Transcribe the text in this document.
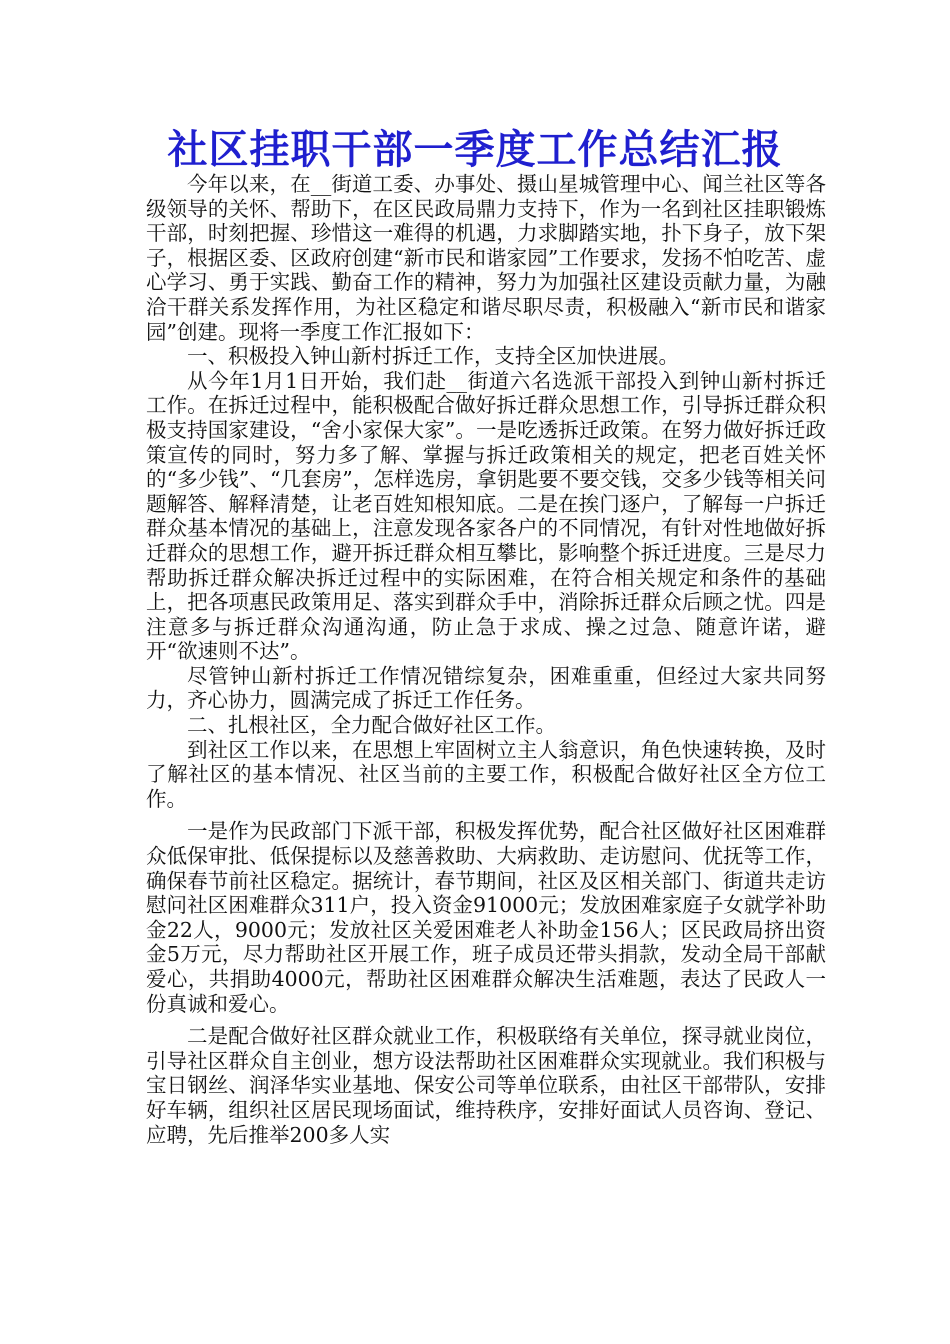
社区挂职干部一季度工作总结汇报

今年以来，在__街道工委、办事处、摄山星城管理中心、闻兰社区等各级领导的关怀、帮助下，在区民政局鼎力支持下，作为一名到社区挂职锻炼干部，时刻把握、珍惜这一难得的机遇，力求脚踏实地，扑下身子，放下架子，根据区委、区政府创建“新市民和谐家园”工作要求，发扬不怕吃苦、虚心学习、勇于实践、勤奋工作的精神，努力为加强社区建设贡献力量，为融洽干群关系发挥作用，为社区稳定和谐尽职尽责，积极融入“新市民和谐家园”创建。现将一季度工作汇报如下：

一、积极投入钟山新村拆迁工作，支持全区加快进展。

从今年1月1日开始，我们赴__街道六名选派干部投入到钟山新村拆迁工作。在拆迁过程中，能积极配合做好拆迁群众思想工作，引导拆迁群众积极支持国家建设，“舍小家保大家”。一是吃透拆迁政策。在努力做好拆迁政策宣传的同时，努力多了解、掌握与拆迁政策相关的规定，把老百姓关怀的“多少钱”、“几套房”，怎样选房，拿钥匙要不要交钱，交多少钱等相关问题解答、解释清楚，让老百姓知根知底。二是在挨门逐户，了解每一户拆迁群众基本情况的基础上，注意发现各家各户的不同情况，有针对性地做好拆迁群众的思想工作，避开拆迁群众相互攀比，影响整个拆迁进度。三是尽力帮助拆迁群众解决拆迁过程中的实际困难，在符合相关规定和条件的基础上，把各项惠民政策用足、落实到群众手中，消除拆迁群众后顾之忧。四是注意多与拆迁群众沟通沟通，防止急于求成、操之过急、随意许诺，避开“欲速则不达”。

尽管钟山新村拆迁工作情况错综复杂，困难重重，但经过大家共同努力，齐心协力，圆满完成了拆迁工作任务。

二、扎根社区，全力配合做好社区工作。

到社区工作以来，在思想上牢固树立主人翁意识，角色快速转换，及时了解社区的基本情况、社区当前的主要工作，积极配合做好社区全方位工作。

一是作为民政部门下派干部，积极发挥优势，配合社区做好社区困难群众低保审批、低保提标以及慈善救助、大病救助、走访慰问、优抚等工作，确保春节前社区稳定。据统计，春节期间，社区及区相关部门、街道共走访慰问社区困难群众311户，投入资金91000元；发放困难家庭子女就学补助金22人，9000元；发放社区关爱困难老人补助金156人；区民政局挤出资金5万元，尽力帮助社区开展工作，班子成员还带头捐款，发动全局干部献爱心，共捐助4000元，帮助社区困难群众解决生活难题，表达了民政人一份真诚和爱心。

二是配合做好社区群众就业工作，积极联络有关单位，探寻就业岗位，引导社区群众自主创业，想方设法帮助社区困难群众实现就业。我们积极与宝日钢丝、润泽华实业基地、保安公司等单位联系，由社区干部带队，安排好车辆，组织社区居民现场面试，维持秩序，安排好面试人员咨询、登记、应聘，先后推举200多人实
